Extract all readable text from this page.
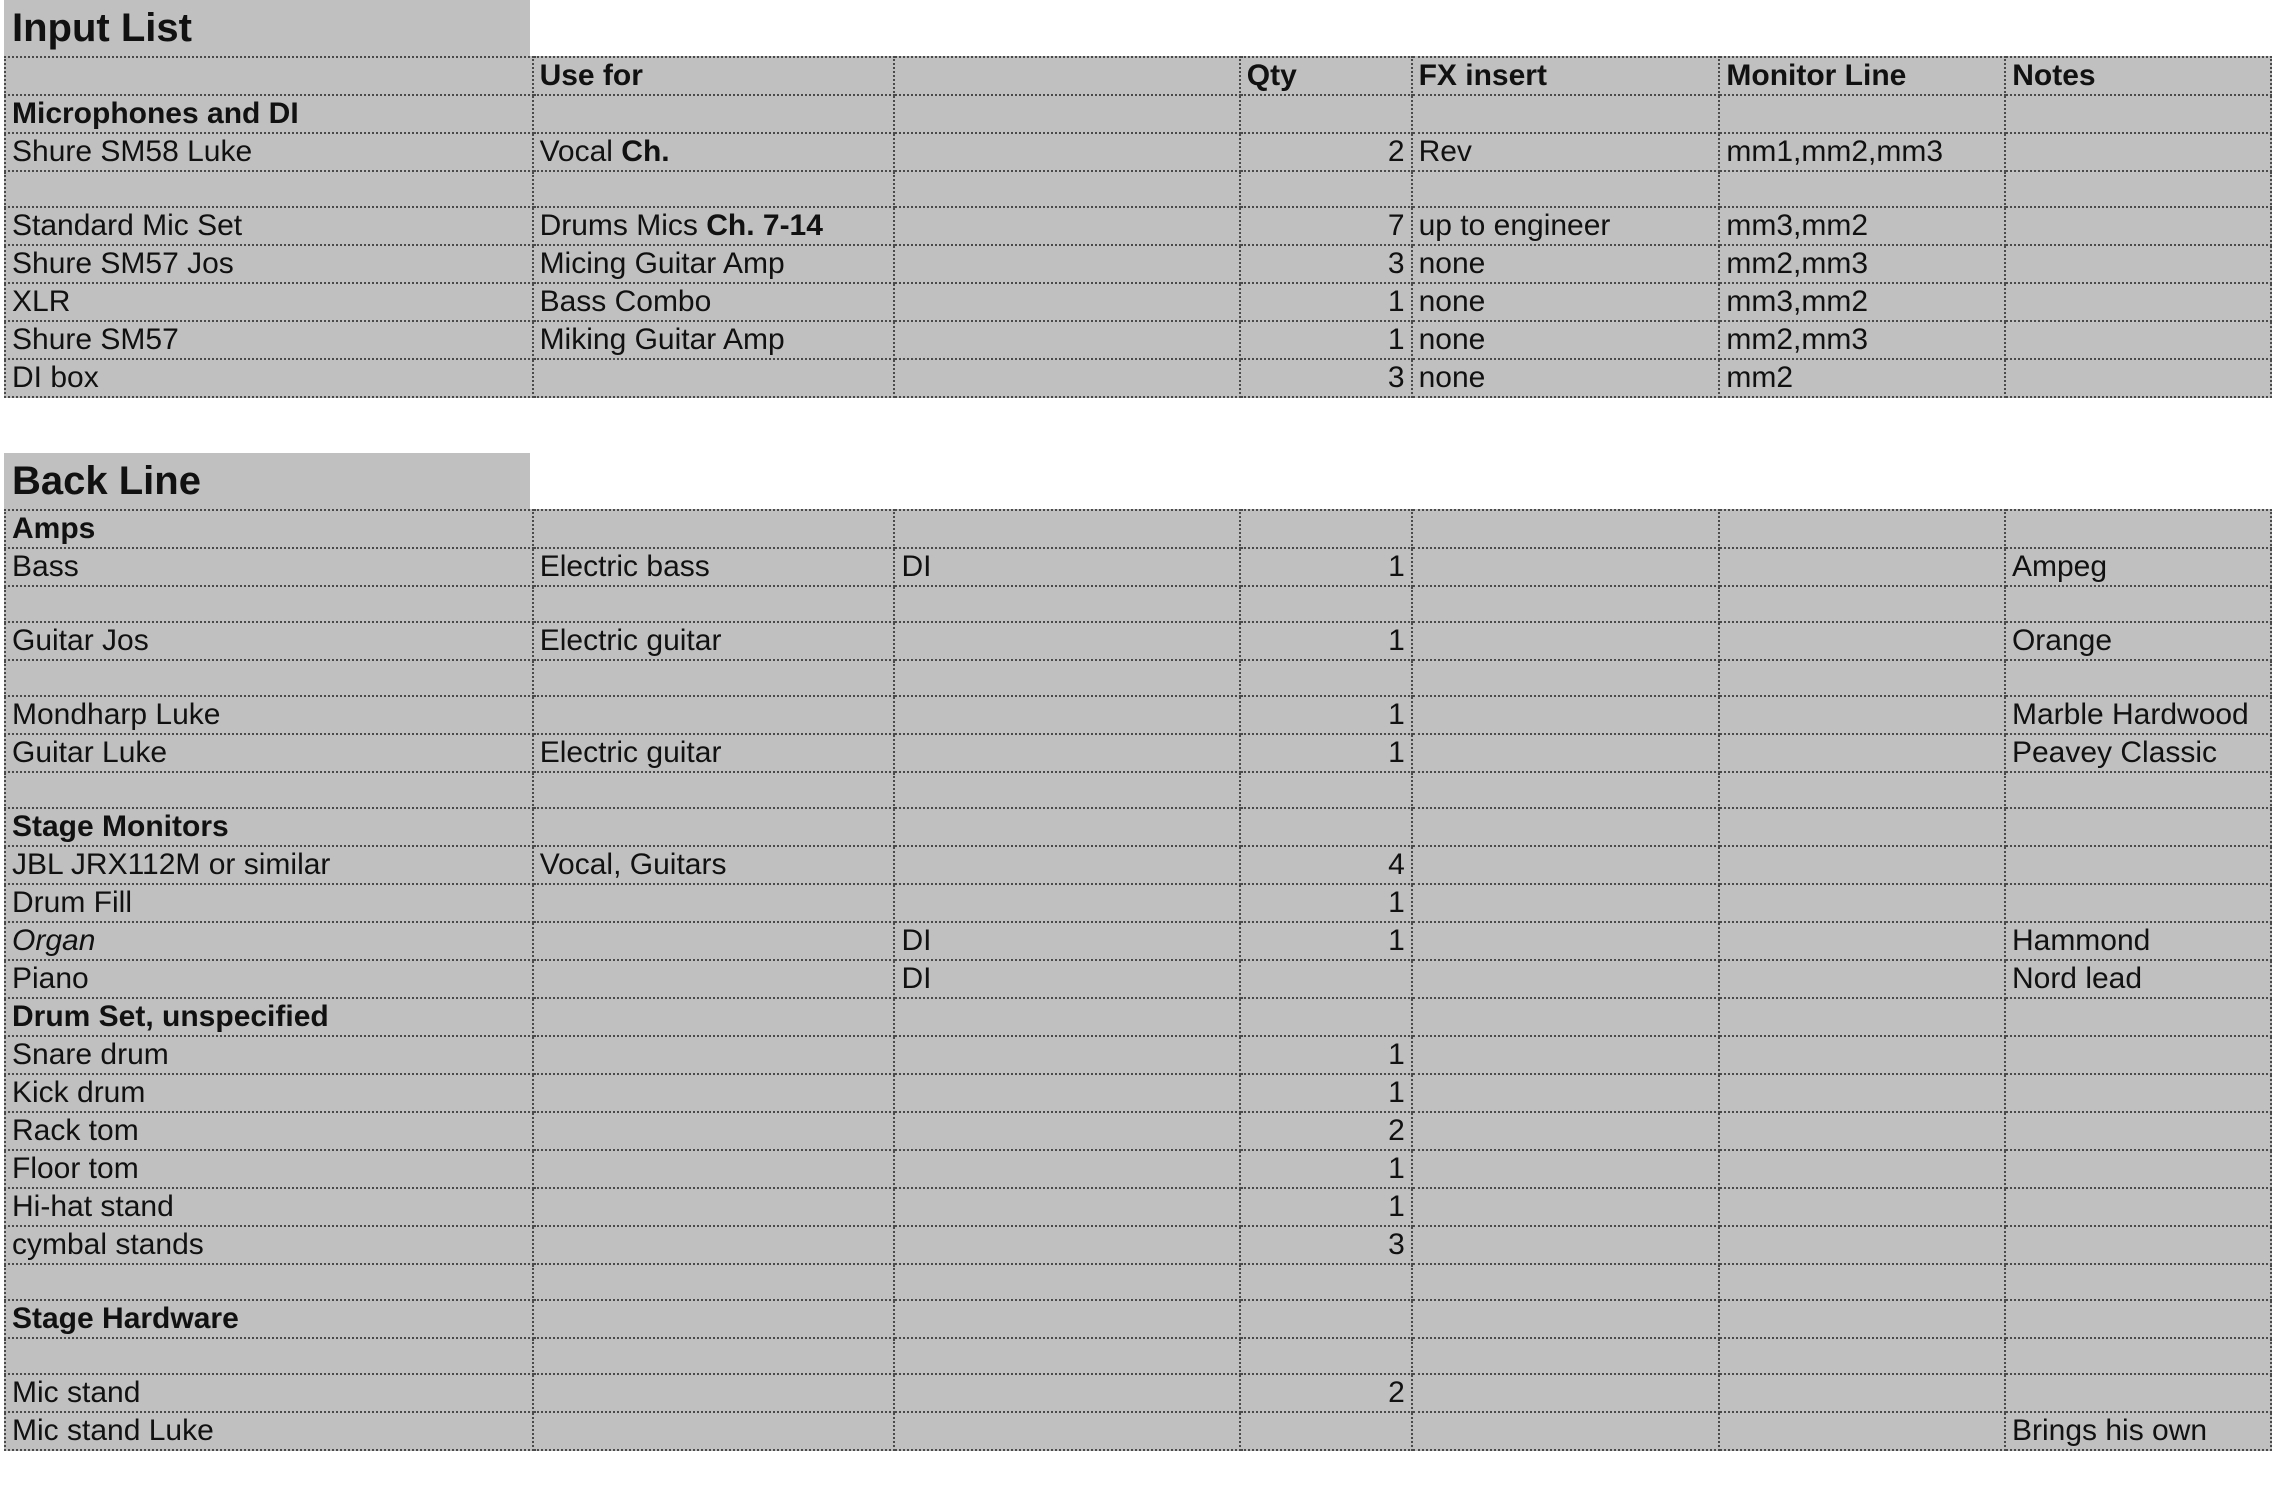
Input List
	Use for		Qty	FX insert	Monitor Line	Notes
Microphones and DI						
Shure SM58 Luke	Vocal Ch.		2	Rev	mm1,mm2,mm3	

Standard Mic Set	Drums Mics Ch. 7-14		7	up to engineer	mm3,mm2	
Shure SM57 Jos	Micing Guitar Amp		3	none	mm2,mm3	
XLR	Bass Combo		1	none	mm3,mm2	
Shure SM57	Miking Guitar Amp		1	none	mm2,mm3	
DI box			3	none	mm2	
Back Line
Amps						
Bass	Electric bass	DI	1			Ampeg

Guitar Jos	Electric guitar		1			Orange

Mondharp Luke			1			Marble Hardwood
Guitar Luke	Electric guitar		1			Peavey Classic

Stage Monitors						
JBL JRX112M or similar	Vocal, Guitars		4			
Drum Fill			1			
Organ		DI	1			Hammond
Piano		DI				Nord lead
Drum Set, unspecified						
Snare drum			1			
Kick drum			1			
Rack tom			2			
Floor tom			1			
Hi-hat stand			1			
cymbal stands			3			

Stage Hardware						

Mic stand			2			
Mic stand Luke						Brings his own
